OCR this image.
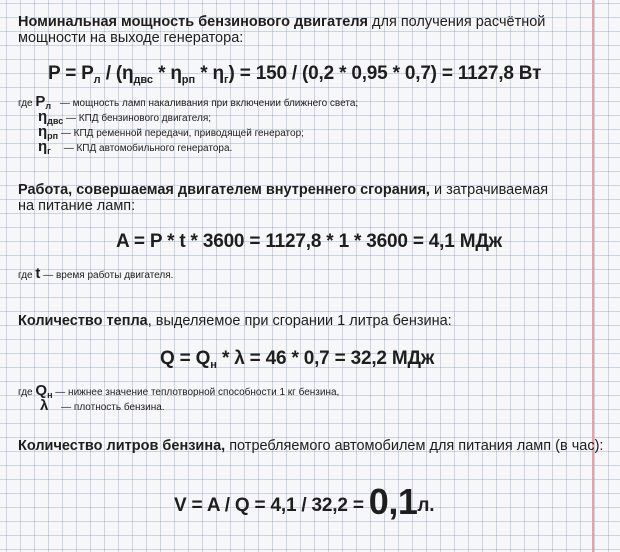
Номинальная мощность бензинового двигателя для получения расчётной
мощности на выходе генератора:
$P = P_л / (\eta_{двс} * \eta_{рп} * \eta_г) = 150 / (0,2 * 0,95 * 0,7) = 1127,8$ Вт
где $P_л$ — мощность ламп накаливания при включении ближнего света;
$\eta_{двс}$ — КПД бензинового двигателя;
$\eta_{рп}$ — КПД ременной передачи, приводящей генератор;
$\eta_г$ — КПД автомобильного генератора.
Работа, совершаемая двигателем внутреннего сгорания, и затрачиваемая
на питание ламп:
A = P * t * 3600 = 1127,8 * 1 * 3600 = 4,1 МДж
где t — время работы двигателя.
Количество тепла, выделяемое при сгорании 1 литра бензина:
$Q = Q_н * \lambda = 46 * 0,7 = 32,2$ МДж
где $Q_н$ — нижнее значение теплотворной способности 1 кг бензина,
λ — плотность бензина.
Количество литров бензина, потребляемого автомобилем для питания ламп (в час):
V = A / Q = 4,1 / 32,2 = 0,1л.
